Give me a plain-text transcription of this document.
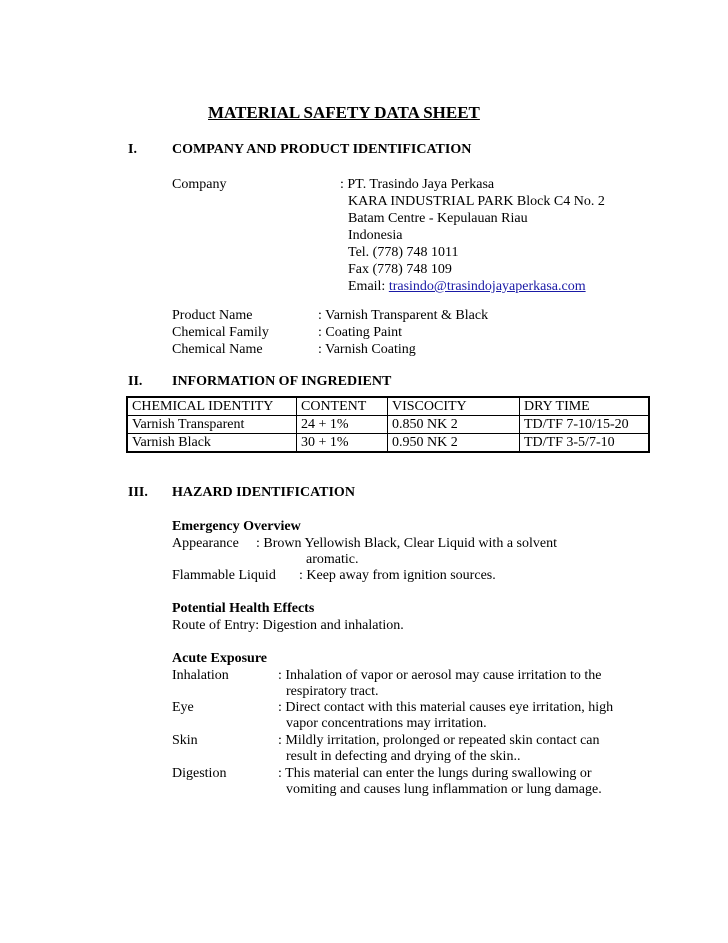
MATERIAL SAFETY DATA SHEET
I.	COMPANY AND PRODUCT IDENTIFICATION
Company	: PT. Trasindo Jaya Perkasa
KARA INDUSTRIAL PARK Block C4 No. 2
Batam Centre - Kepulauan Riau
Indonesia
Tel. (778) 748 1011
Fax (778) 748 109
Email: trasindo@trasindojayaperkasa.com
Product Name	: Varnish Transparent & Black
Chemical Family	: Coating Paint
Chemical Name	: Varnish Coating
II. INFORMATION OF INGREDIENT
CHEMICAL IDENTITY	CONTENT	VISCOCITY	DRY TIME
Varnish Transparent	24 + 1%	0.850 NK 2	TD/TF 7-10/15-20
Varnish Black	30 + 1%	0.950 NK 2	TD/TF 3-5/7-10
III. HAZARD IDENTIFICATION
Emergency Overview
Appearance : Brown Yellowish Black, Clear Liquid with a solvent
aromatic.
Flammable Liquid : Keep away from ignition sources.
Potential Health Effects
Route of Entry: Digestion and inhalation.
Acute Exposure
Inhalation	: Inhalation of vapor or aerosol may cause irritation to the
respiratory tract.
Eye	: Direct contact with this material causes eye irritation, high
vapor concentrations may irritation.
Skin	: Mildly irritation, prolonged or repeated skin contact can
result in defecting and drying of the skin..
Digestion	: This material can enter the lungs during swallowing or
vomiting and causes lung inflammation or lung damage.
